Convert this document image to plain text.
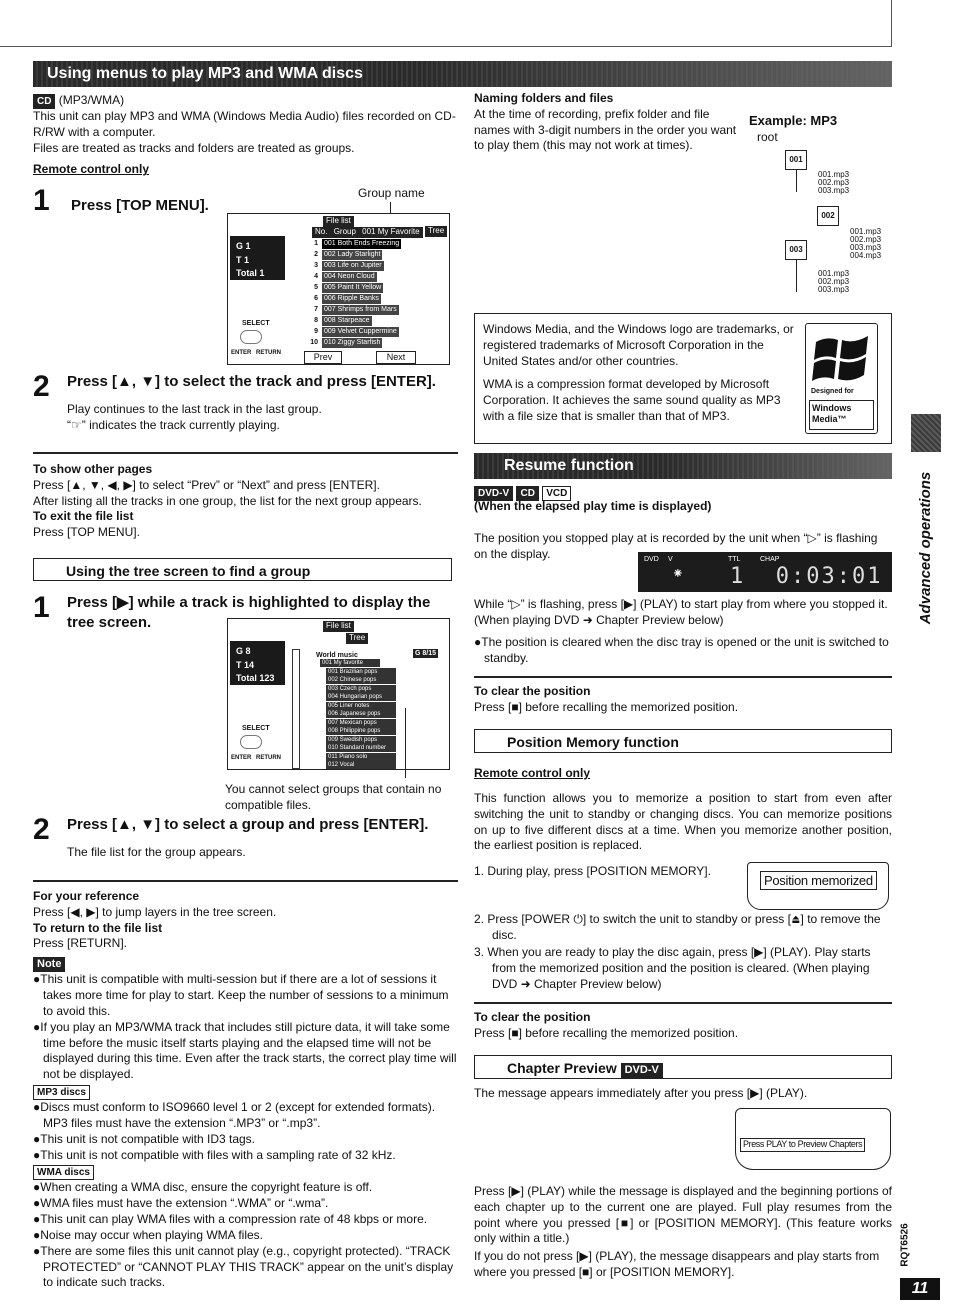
Using menus to play MP3 and WMA discs

CD (MP3/WMA)

This unit can play MP3 and WMA (Windows Media Audio) files recorded on CD-R/RW with a computer.

Files are treated as tracks and folders are treated as groups.

Remote control only

1 Press [TOP MENU].
Group name
G 1
T 1
Total 1
File list
Tree
No. Group 001 My Favorite
1 001 Both Ends Freezing
2 002 Lady Starlight
3 003 Life on Jupiter
4 004 Neon Cloud
5 005 Paint It Yellow
6 006 Ripple Banks
7 007 Shrimps from Mars
8 008 Starpeace
9 009 Velvet Cuppermine
10 010 Ziggy Starfish
SELECT
ENTER RETURN	Prev	Next
2	Press [▲, ▼] to select the track and press [ENTER].

Play continues to the last track in the last group.

“☞” indicates the track currently playing.

To show other pages

Press [▲, ▼, ◀, ▶] to select “Prev” or “Next” and press [ENTER].

After listing all the tracks in one group, the list for the next group appears.

To exit the file list

Press [TOP MENU].

Using the tree screen to find a group
1	Press [▶] while a track is highlighted to display the tree screen.
G 8
T 14
Total 123
File list
Tree
G 8/15
World music
001 My favorite
001 Brazilian pops
002 Chinese pops
003 Czech pops
004 Hungarian pops
005 Liner notes
006 Japanese pops
007 Mexican pops
008 Philippine pops
009 Swedish pops
010 Standard number
011 Piano solo
012 Vocal
SELECT
ENTER RETURN
You cannot select groups that contain no compatible files.
2	Press [▲, ▼] to select a group and press [ENTER].

The file list for the group appears.

For your reference

Press [◀, ▶] to jump layers in the tree screen.

To return to the file list

Press [RETURN].

Note

●This unit is compatible with multi-session but if there are a lot of sessions it takes more time for play to start. Keep the number of sessions to a minimum to avoid this.

●If you play an MP3/WMA track that includes still picture data, it will take some time before the music itself starts playing and the elapsed time will not be displayed during this time. Even after the track starts, the correct play time will not be displayed.

MP3 discs

●Discs must conform to ISO9660 level 1 or 2 (except for extended formats). MP3 files must have the extension “.MP3” or “.mp3”.

●This unit is not compatible with ID3 tags.

●This unit is not compatible with files with a sampling rate of 32 kHz.

WMA discs

●When creating a WMA disc, ensure the copyright feature is off.

●WMA files must have the extension “.WMA” or “.wma”.

●This unit can play WMA files with a compression rate of 48 kbps or more.

●Noise may occur when playing WMA files.

●There are some files this unit cannot play (e.g., copyright protected). “TRACK PROTECTED” or “CANNOT PLAY THIS TRACK” appear on the unit’s display to indicate such tracks.

Naming folders and files

At the time of recording, prefix folder and file names with 3-digit numbers in the order you want to play them (this may not work at times).

Example: MP3
root
001
002
003

001.mp3

002.mp3

003.mp3

001.mp3

002.mp3

003.mp3

004.mp3

001.mp3

002.mp3

003.mp3

Windows Media, and the Windows logo are trademarks, or registered trademarks of Microsoft Corporation in the United States and/or other countries.

WMA is a compression format developed by Microsoft Corporation. It achieves the same sound quality as MP3 with a file size that is smaller than that of MP3.

Designed for
Windows
Media™
Resume function
DVD-V CD VCD
(When the elapsed play time is displayed)
The position you stopped play at is recorded by the unit when “▷” is flashing on the display.	DVD V	TTL	CHAP
⁕ 1  0:03:01
While “▷” is flashing, press [▶] (PLAY) to start play from where you stopped it. (When playing DVD ➜ Chapter Preview below)
●The position is cleared when the disc tray is opened or the unit is switched to standby.

To clear the position

Press [■] before recalling the memorized position.

Position Memory function
Remote control only
This function allows you to memorize a position to start from even after switching the unit to standby or changing discs. You can memorize positions on up to five different discs at a time. When you memorize another position, the earliest position is replaced.
1. During play, press [POSITION MEMORY].
Position memorized
2. Press [POWER ⏻] to switch the unit to standby or press [⏏] to remove the disc.
3. When you are ready to play the disc again, press [▶] (PLAY). Play starts from the memorized position and the position is cleared. (When playing DVD ➜ Chapter Preview below)

To clear the position

Press [■] before recalling the memorized position.

Chapter Preview DVD-V
The message appears immediately after you press [▶] (PLAY).
Press PLAY to Preview Chapters
Press [▶] (PLAY) while the message is displayed and the beginning portions of each chapter up to the current one are played. Full play resumes from the point where you pressed [■] or [POSITION MEMORY]. (This feature works only within a title.)
If you do not press [▶] (PLAY), the message disappears and play starts from where you pressed [■] or [POSITION MEMORY].
Advanced operations
RQT6526
11
